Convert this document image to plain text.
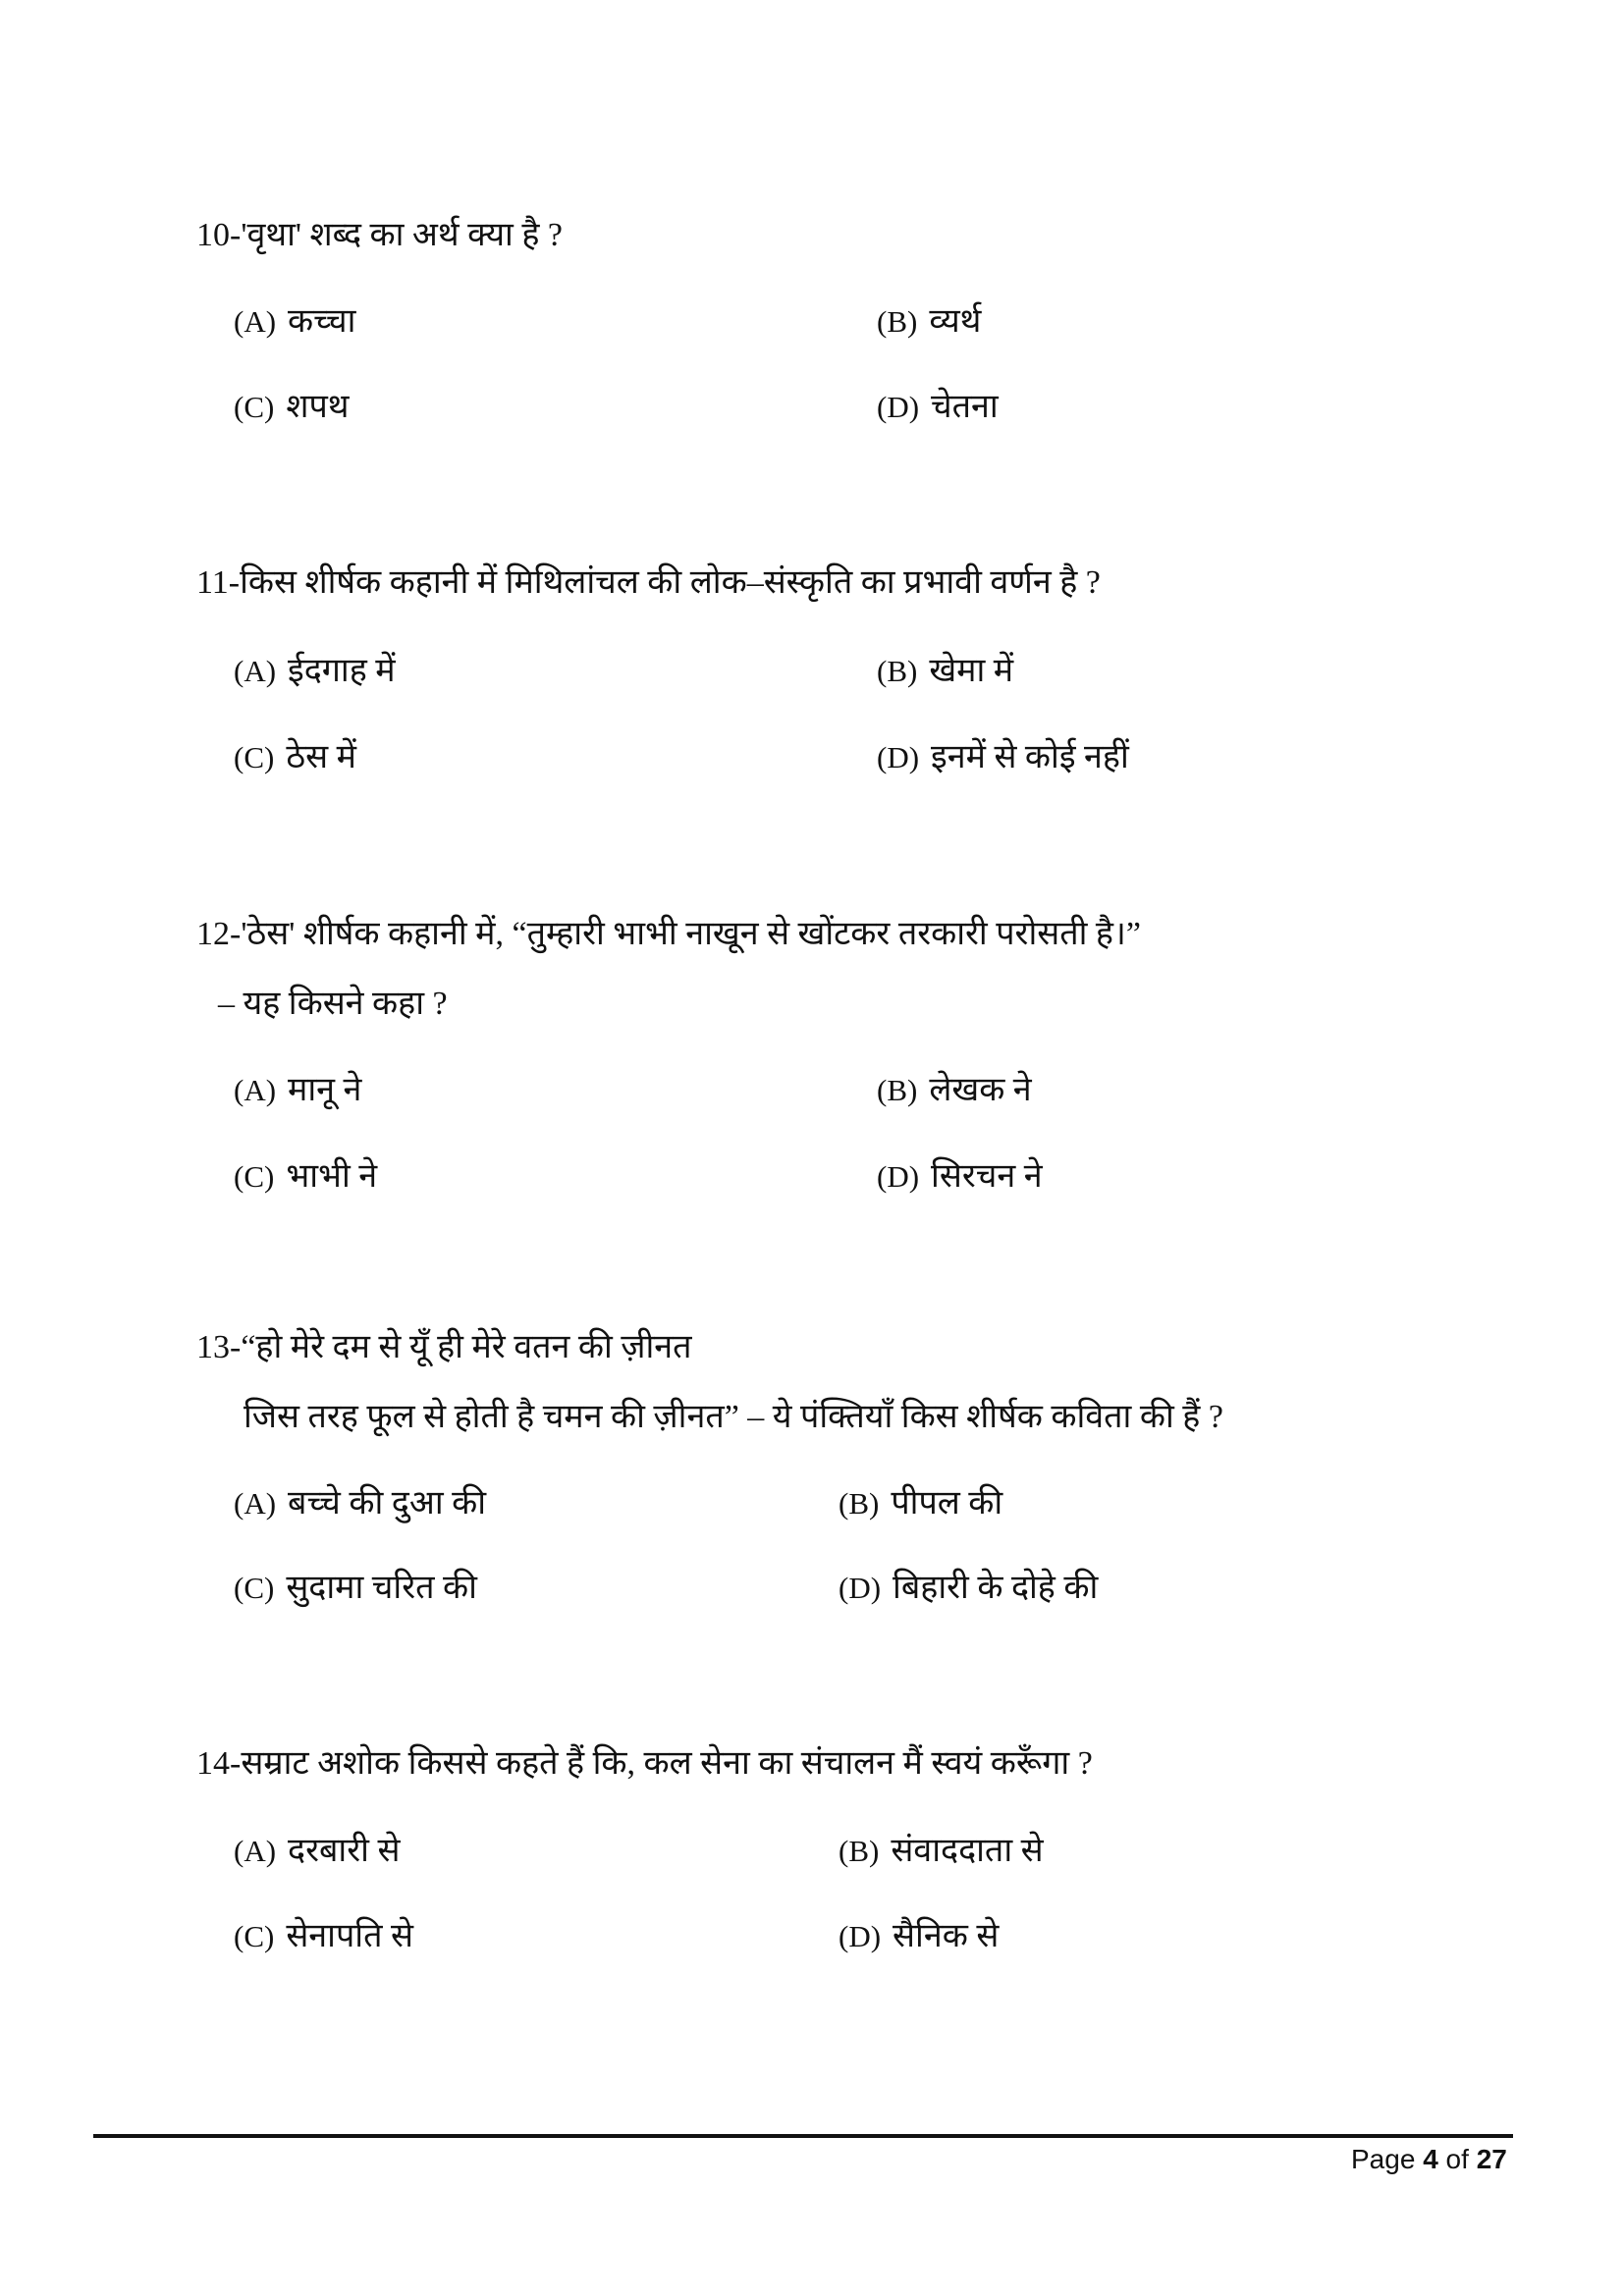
10-'वृथा' शब्द का अर्थ क्या है ?
(A) कच्चा	(B) व्यर्थ
(C) शपथ	(D) चेतना
11-किस शीर्षक कहानी में मिथिलांचल की लोक–संस्कृति का प्रभावी वर्णन है ?
(A) ईदगाह में	(B) खेमा में
(C) ठेस में	(D) इनमें से कोई नहीं
12-'ठेस' शीर्षक कहानी में, “तुम्हारी भाभी नाखून से खोंटकर तरकारी परोसती है।”
– यह किसने कहा ?
(A) मानू ने	(B) लेखक ने
(C) भाभी ने	(D) सिरचन ने
13-“हो मेरे दम से यूँ ही मेरे वतन की ज़ीनत
जिस तरह फूल से होती है चमन की ज़ीनत” – ये पंक्तियाँ किस शीर्षक कविता की हैं ?
(A) बच्चे की दुआ की	(B) पीपल की
(C) सुदामा चरित की	(D) बिहारी के दोहे की
14-सम्राट अशोक किससे कहते हैं कि, कल सेना का संचालन मैं स्वयं करूँगा ?
(A) दरबारी से	(B) संवाददाता से
(C) सेनापति से	(D) सैनिक से
Page 4 of 27
